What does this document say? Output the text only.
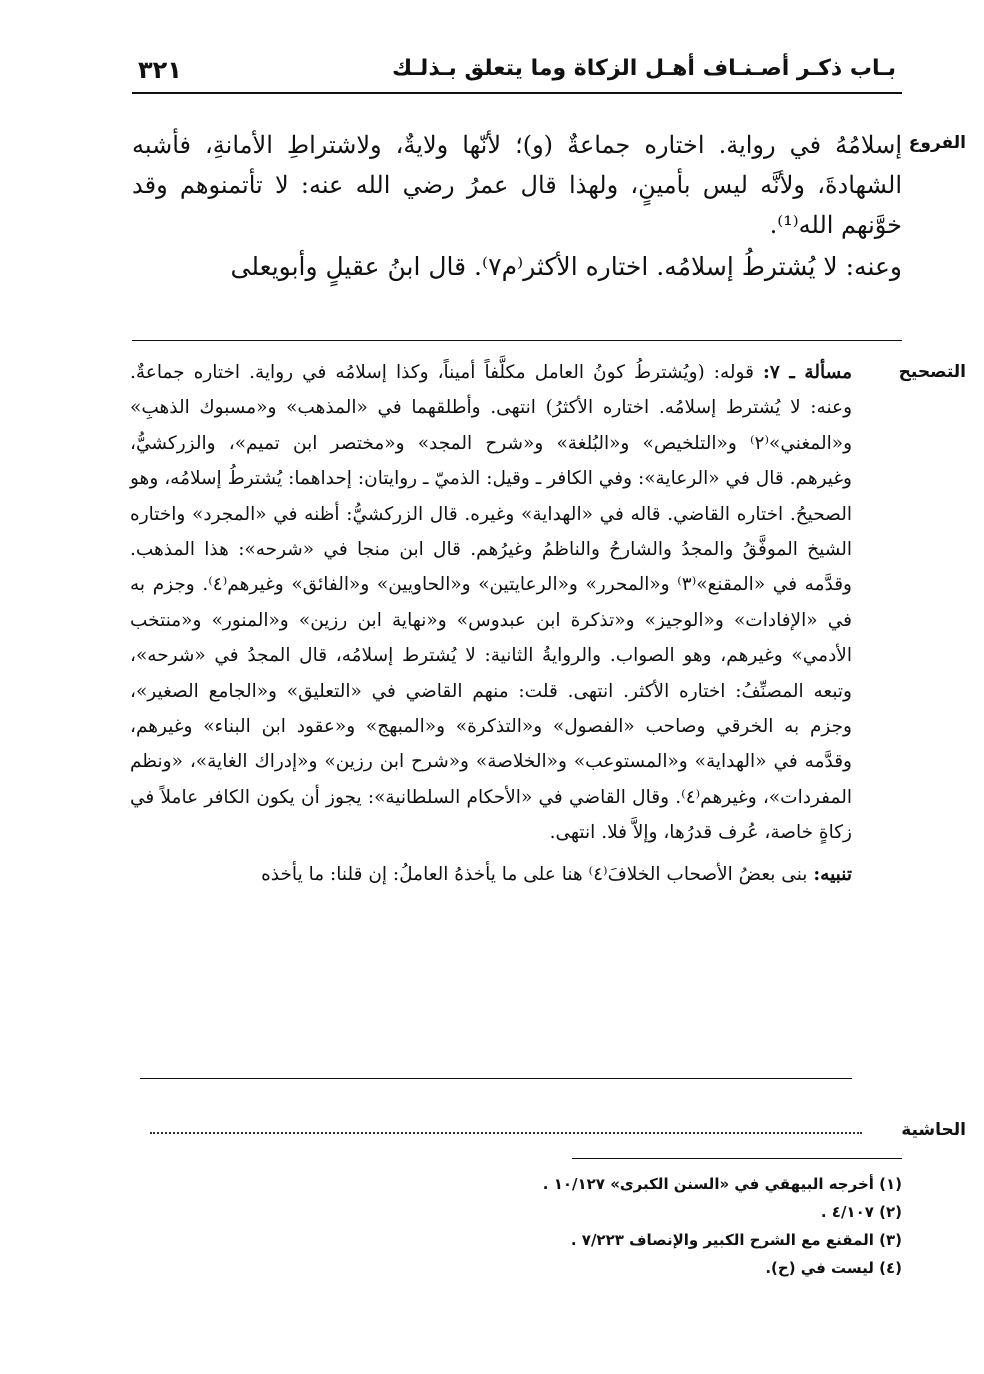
٣٢١	بـاب ذكـر أصـنـاف أهـل الزكاة وما يتعلق بـذلـك
الفروع

إسلامُهُ في رواية. اختاره جماعةٌ (و)؛ لأنّها ولايةٌ، ولاشتراطِ الأمانةِ، فأشبه الشهادةَ، ولأنَّه ليس بأمينٍ، ولهذا قال عمرُ رضي الله عنه: لا تأتمنوهم وقد خوَّنهم الله⁽¹⁾.

وعنه: لا يُشترطُ إسلامُه. اختاره الأكثر⁽م٧⁾. قال ابنُ عقيلٍ وأبويعلى

التصحيح

مسألة ـ ٧: قوله: (ويُشترطُ كونُ العامل مكلَّفاً أميناً، وكذا إسلامُه في رواية. اختاره جماعةٌ. وعنه: لا يُشترط إسلامُه. اختاره الأكثرُ) انتهى. وأطلقهما في «المذهب» و«مسبوك الذهبِ» و«المغني»⁽٢⁾ و«التلخيص» و«البُلغة» و«شرح المجد» و«مختصر ابن تميم»، والزركشيُّ، وغيرهم. قال في «الرعاية»: وفي الكافر ـ وقيل: الذميّ ـ روايتان: إحداهما: يُشترطُ إسلامُه، وهو الصحيحُ. اختاره القاضي. قاله في «الهداية» وغيره. قال الزركشيُّ: أظنه في «المجرد» واختاره الشيخ الموفَّقُ والمجدُ والشارحُ والناظمُ وغيرُهم. قال ابن منجا في «شرحه»: هذا المذهب. وقدَّمه في «المقنع»⁽٣⁾ و«المحرر» و«الرعايتين» و«الحاويين» و«الفائق» وغيرهم⁽٤⁾. وجزم به في «الإفادات» و«الوجيز» و«تذكرة ابن عبدوس» و«نهاية ابن رزين» و«المنور» و«منتخب الأدمي» وغيرهم، وهو الصواب. والروايةُ الثانية: لا يُشترط إسلامُه، قال المجدُ في «شرحه»، وتبعه المصنِّفُ: اختاره الأكثر. انتهى. قلت: منهم القاضي في «التعليق» و«الجامع الصغير»، وجزم به الخرقي وصاحب «الفصول» و«التذكرة» و«المبهج» و«عقود ابن البناء» وغيرهم، وقدَّمه في «الهداية» و«المستوعب» و«الخلاصة» و«شرح ابن رزين» و«إدراك الغاية»، «ونظم المفردات»، وغيرهم⁽٤⁾. وقال القاضي في «الأحكام السلطانية»: يجوز أن يكون الكافر عاملاً في زكاةٍ خاصة، عُرف قدرُها، وإلاَّ فلا. انتهى.

تنبيه: بنى بعضُ الأصحاب الخلافَ⁽٤⁾ هنا على ما يأخذهُ العاملُ: إن قلنا: ما يأخذه

الحاشية

(١) أخرجه البيهقي في «السنن الكبرى» ١٠/١٢٧ .

(٢) ٤/١٠٧ .

(٣) المقنع مع الشرح الكبير والإنصاف ٧/٢٢٣ .

(٤) ليست في (ح).
